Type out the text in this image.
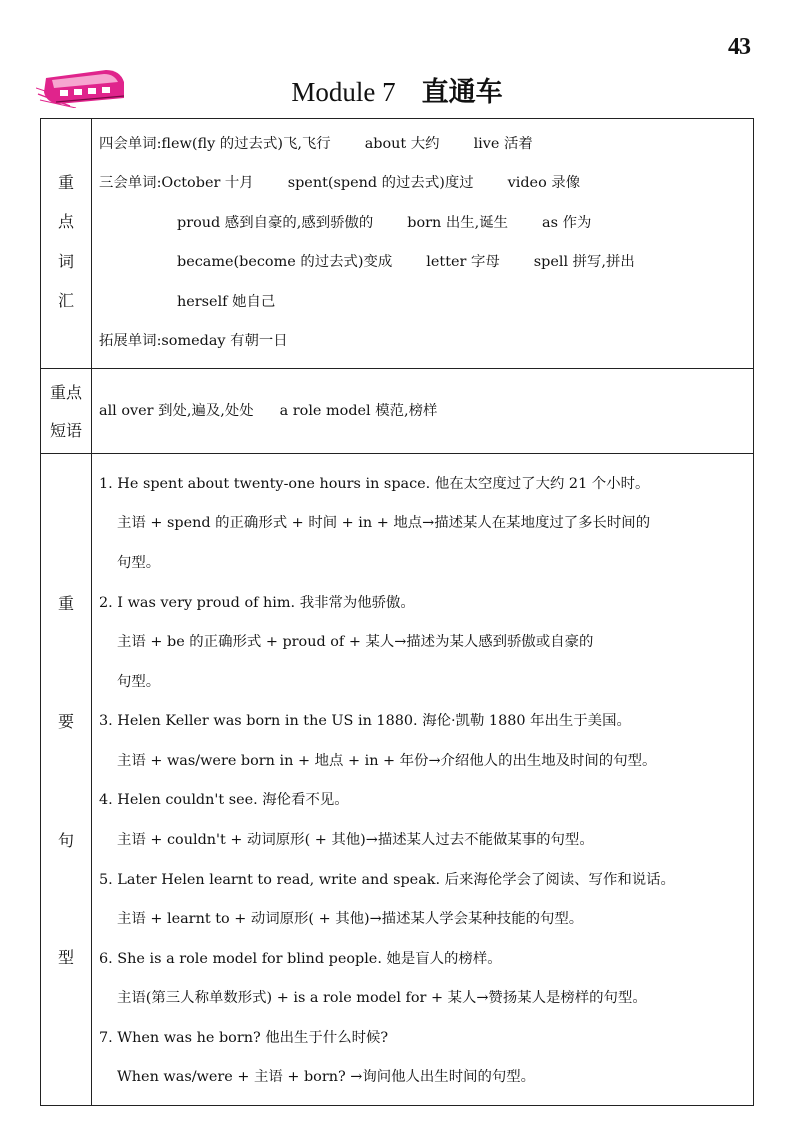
43
Module 7 直通车
重
点
词
汇
四会单词:flew(fly 的过去式)飞,飞行 about 大约 live 活着
三会单词:October 十月 spent(spend 的过去式)度过 video 录像
proud 感到自豪的,感到骄傲的 born 出生,诞生 as 作为
became(become 的过去式)变成 letter 字母 spell 拼写,拼出
herself 她自己
拓展单词:someday 有朝一日
重点
短语
all over 到处,遍及,处处 a role model 模范,榜样
重
要
句
型
1. He spent about twenty-one hours in space. 他在太空度过了大约 21 个小时。
主语 + spend 的正确形式 + 时间 + in + 地点→描述某人在某地度过了多长时间的
句型。
2. I was very proud of him. 我非常为他骄傲。
主语 + be 的正确形式 + proud of + 某人→描述为某人感到骄傲或自豪的
句型。
3. Helen Keller was born in the US in 1880. 海伦·凯勒 1880 年出生于美国。
主语 + was/were born in + 地点 + in + 年份→介绍他人的出生地及时间的句型。
4. Helen couldn't see. 海伦看不见。
主语 + couldn't + 动词原形( + 其他)→描述某人过去不能做某事的句型。
5. Later Helen learnt to read, write and speak. 后来海伦学会了阅读、写作和说话。
主语 + learnt to + 动词原形( + 其他)→描述某人学会某种技能的句型。
6. She is a role model for blind people. 她是盲人的榜样。
主语(第三人称单数形式) + is a role model for + 某人→赞扬某人是榜样的句型。
7. When was he born? 他出生于什么时候?
When was/were + 主语 + born? →询问他人出生时间的句型。
